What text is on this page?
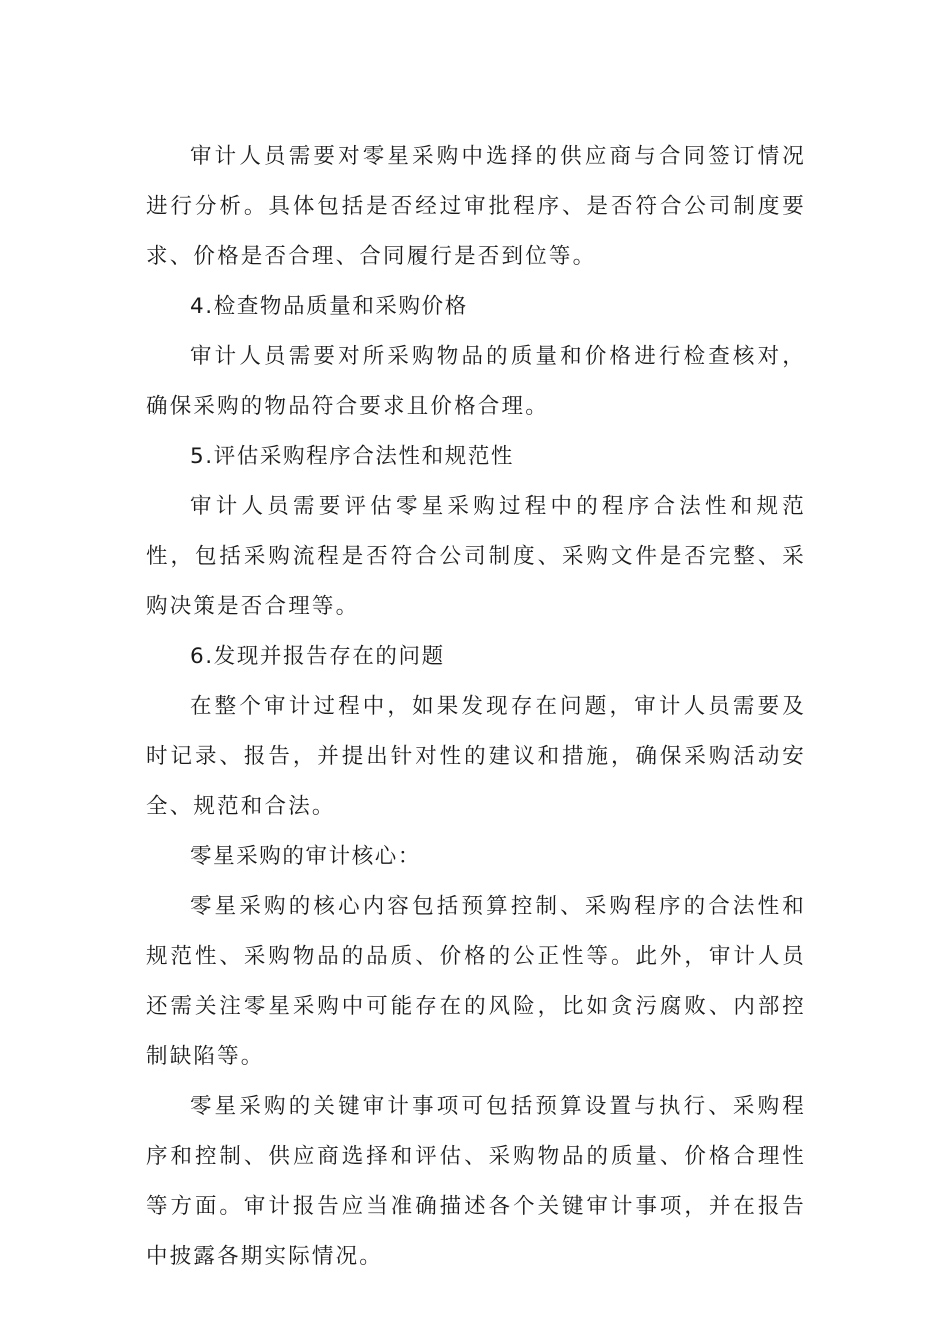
审计人员需要对零星采购中选择的供应商与合同签订情况进行分析。具体包括是否经过审批程序、是否符合公司制度要求、价格是否合理、合同履行是否到位等。

4.检查物品质量和采购价格

审计人员需要对所采购物品的质量和价格进行检查核对，确保采购的物品符合要求且价格合理。

5.评估采购程序合法性和规范性

审计人员需要评估零星采购过程中的程序合法性和规范性，包括采购流程是否符合公司制度、采购文件是否完整、采购决策是否合理等。

6.发现并报告存在的问题

在整个审计过程中，如果发现存在问题，审计人员需要及时记录、报告，并提出针对性的建议和措施，确保采购活动安全、规范和合法。

零星采购的审计核心：

零星采购的核心内容包括预算控制、采购程序的合法性和规范性、采购物品的品质、价格的公正性等。此外，审计人员还需关注零星采购中可能存在的风险，比如贪污腐败、内部控制缺陷等。

零星采购的关键审计事项可包括预算设置与执行、采购程序和控制、供应商选择和评估、采购物品的质量、价格合理性等方面。审计报告应当准确描述各个关键审计事项，并在报告中披露各期实际情况。
